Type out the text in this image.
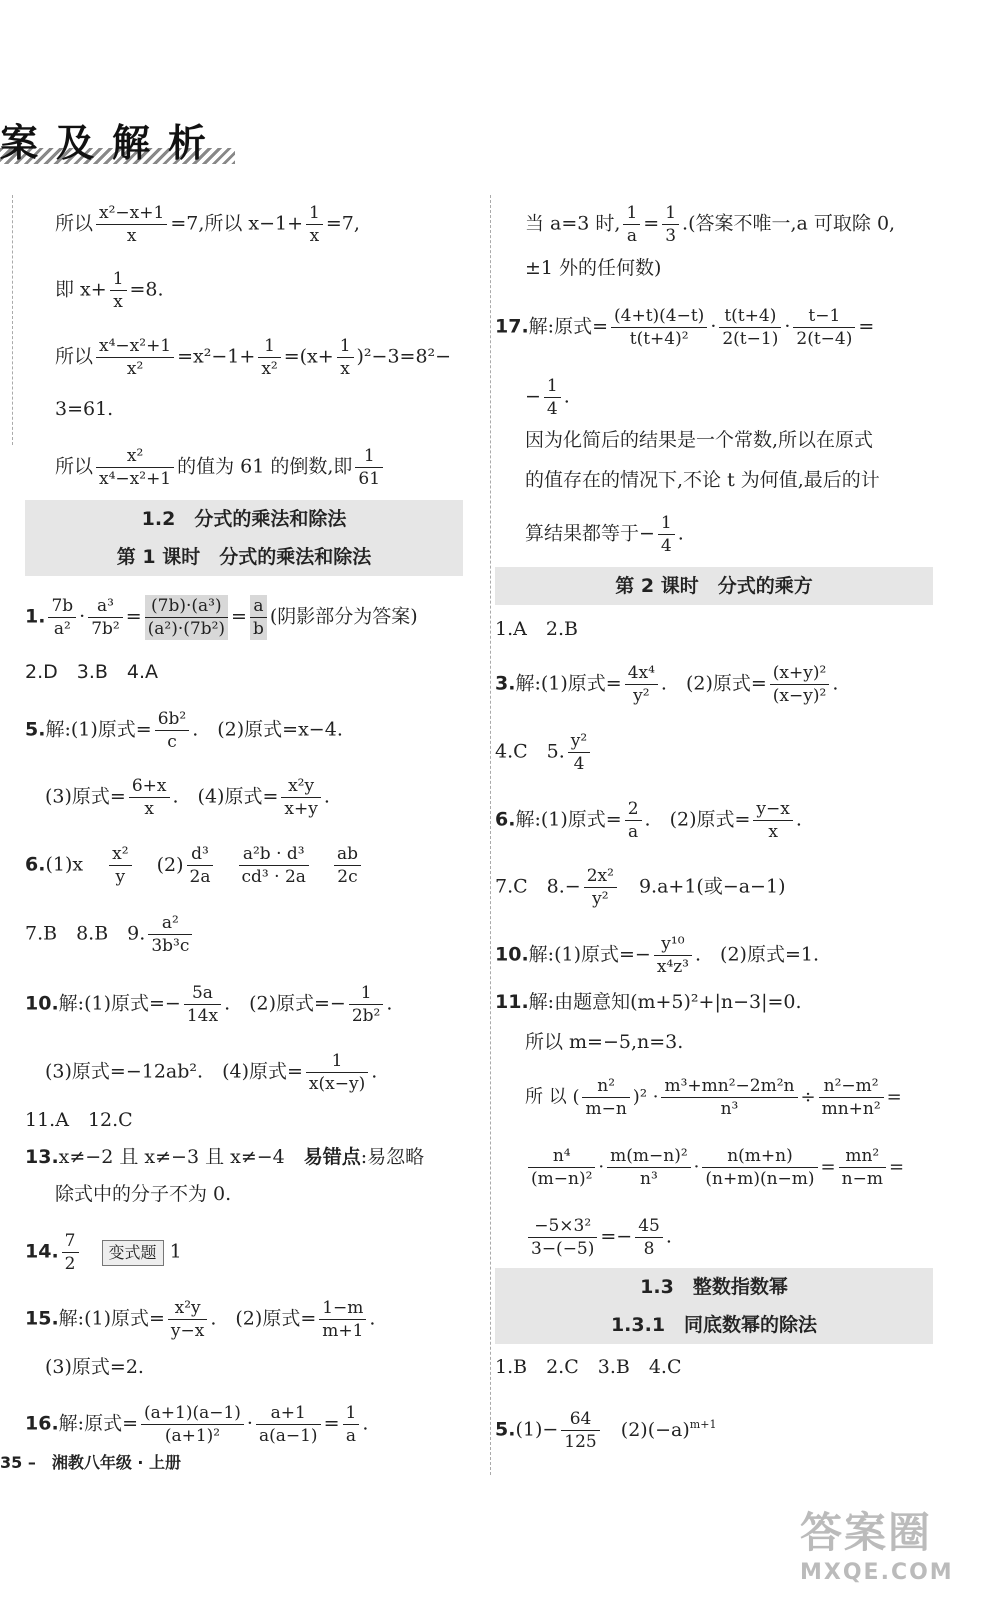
案及解析
所以 $\frac{\text{x²−x+1}}{x} =7$,所以 $x-1+ \frac{1}{x} =7$,
即 $x+ \frac{1}{x} =8$.
所以 $\frac{\text{x⁴−x²+1}}{\text{x²}} =x^2-1+ \frac{1}{\text{x²}} =(x+ \frac{1}{x} )^2-3=8^2-$
3=61.
所以 $\frac{\text{x²}}{\text{x⁴−x²+1}}$ 的值为 61 的倒数,即 $\frac{1}{61}$
1.2　分式的乘法和除法
第 1 课时　分式的乘法和除法
1. $\frac{7b}{\text{a²}} \cdot \frac{\text{a³}}{\text{7b²}} = \frac{\text{(7b)·(a³)}}{\text{(a²)·(7b²)}} = \frac{a}{b}$ (阴影部分为答案)
2.D　3.B　4.A
5.解:(1)原式= $\frac{\text{6b²}}{c}$ .　(2)原式=x−4.
(3)原式= $\frac{6+x}{x}$ .　(4)原式= $\frac{\text{x²y}}{x+y}$ .
$6.(1)x \frac{\text{x²}}{y} (2) \frac{\text{d³}}{2a}$
$\frac{\text{a²b · d³}}{\text{cd³ · 2a}}$
$\frac{ab}{2c}$
7.B　8.B　9. $\frac{\text{a²}}{\text{3b³c}}$
10.解:(1)原式=− $\frac{5a}{14x}$ .　(2)原式=− $\frac{1}{\text{2b²}}$ .
(3)原式=−12ab².　(4)原式= $\frac{1}{x(x-y)}$ .
11.A　12.C
13.x≠−2 且 x≠−3 且 x≠−4　易错点:易忽略
除式中的分子不为 0.
14. $\frac{7}{2}$ 变式题 1
15.解:(1)原式= $\frac{\text{x²y}}{y-x}$ .　(2)原式= $\frac{1-m}{m+1}$ .
(3)原式=2.
16.解:原式= $\frac{(a+1)(a-1)}{\text{(a+1)²}} \cdot \frac{a+1}{a(a-1)} = \frac{1}{a}$ .
当 a=3 时, $\frac{1}{a} = \frac{1}{3}$ .(答案不唯一,a 可取除 0,
±1 外的任何数)
17.解:原式= $\frac{(4+t)(4-t)}{\text{t(t+4)²}} \cdot \frac{t(t+4)}{2(t-1)} \cdot \frac{t-1}{2(t-4)}$ =
− $\frac{1}{4}$ .
因为化简后的结果是一个常数,所以在原式
的值存在的情况下,不论 t 为何值,最后的计
算结果都等于− $\frac{1}{4}$ .
第 2 课时　分式的乘方
1.A　2.B
3.解:(1)原式= $\frac{\text{4x⁴}}{\text{y²}}$ .　(2)原式= $\frac{\text{(x+y)²}}{\text{(x−y)²}}$ .
4.C　5. $\frac{\text{y²}}{4}$
6.解:(1)原式= $\frac{2}{a}$ .　(2)原式= $\frac{y-x}{x}$ .
7.C　$8.- \frac{\text{2x²}}{\text{y²}}$ 　9.a+1(或−a−1)
10.解:(1)原式=− $\frac{\text{y¹⁰}}{\text{x⁴z³}}$ .　(2)原式=1.
11.解:由题意知(m+5)²+|n−3|=0.
所以 m=−5,n=3.
所 以 ( $\frac{\text{n²}}{m-n} )^2 \cdot \frac{\text{m³+mn²−2m²n}}{\text{n³}} \div \frac{\text{n²−m²}}{\text{mn+n²}}$ =
$\frac{\text{n⁴}}{\text{(m−n)²}} \cdot \frac{\text{m(m−n)²}}{\text{n³}} \cdot \frac{n(m+n)}{(n+m)(n-m)} = \frac{\text{mn²}}{n-m}$ =
$\frac{\text{−5×3²}}{3-(-5)} =- \frac{45}{8}$ .
1.3　整数指数幂
1.3.1　同底数幂的除法
1.B　2.C　3.B　4.C
$5.(1)- \frac{64}{125} (2)(-a)^{m+1}$
35 –　湘教八年级 · 上册
答案圈
MXQE.COM
